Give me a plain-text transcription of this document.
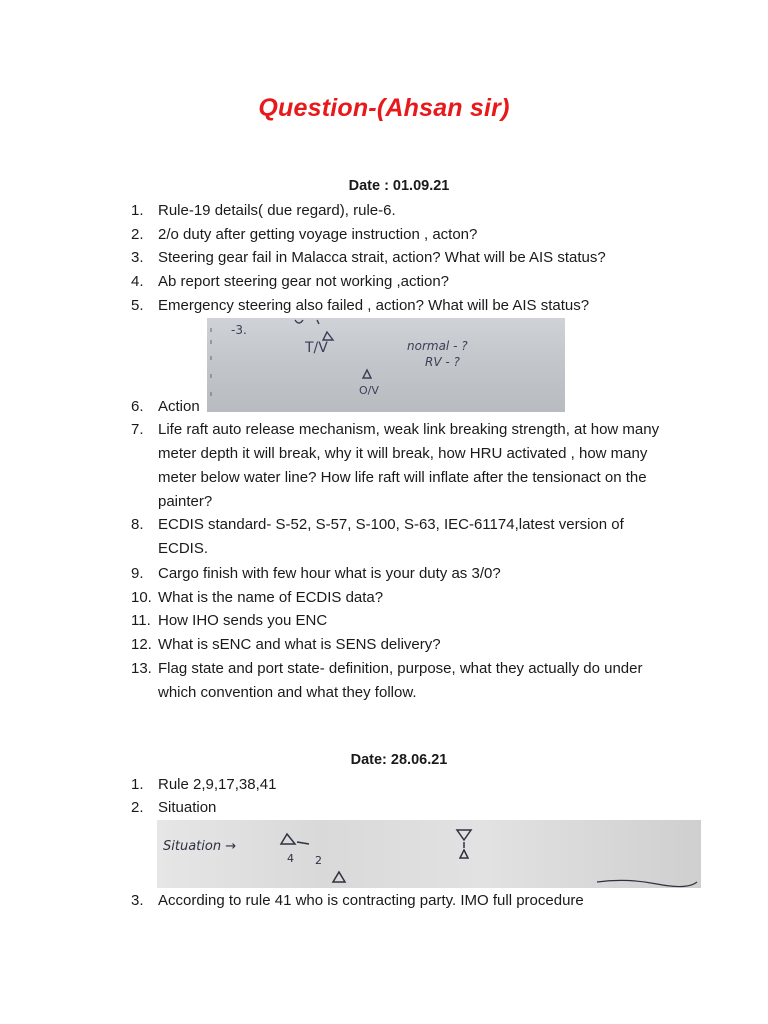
Question-(Ahsan sir)
Date : 01.09.21
1. Rule-19 details( due regard), rule-6.
2. 2/o duty after getting voyage instruction , acton?
3. Steering gear fail in Malacca strait, action? What will be AIS status?
4. Ab report steering gear not working ,action?
5. Emergency steering also failed , action? What will be AIS status?
-3.
T/V
O/V
normal - ?
RV - ?
6. Action
7. Life raft auto release mechanism, weak link breaking strength, at how many meter depth it will break, why it will break, how HRU activated , how many meter below water line? How life raft will inflate after the tensionact on the painter?
8. ECDIS standard- S-52, S-57, S-100, S-63, IEC-61174,latest version of ECDIS.
9. Cargo finish with few hour what is your duty as 3/0?
10. What is the name of ECDIS data?
11. How IHO sends you ENC
12. What is sENC and what is SENS delivery?
13. Flag state and port state- definition, purpose, what they actually do under which convention and what they follow.
Date: 28.06.21
1. Rule 2,9,17,38,41
2. Situation
Situation →
4 2
3. According to rule 41 who is contracting party. IMO full procedure
